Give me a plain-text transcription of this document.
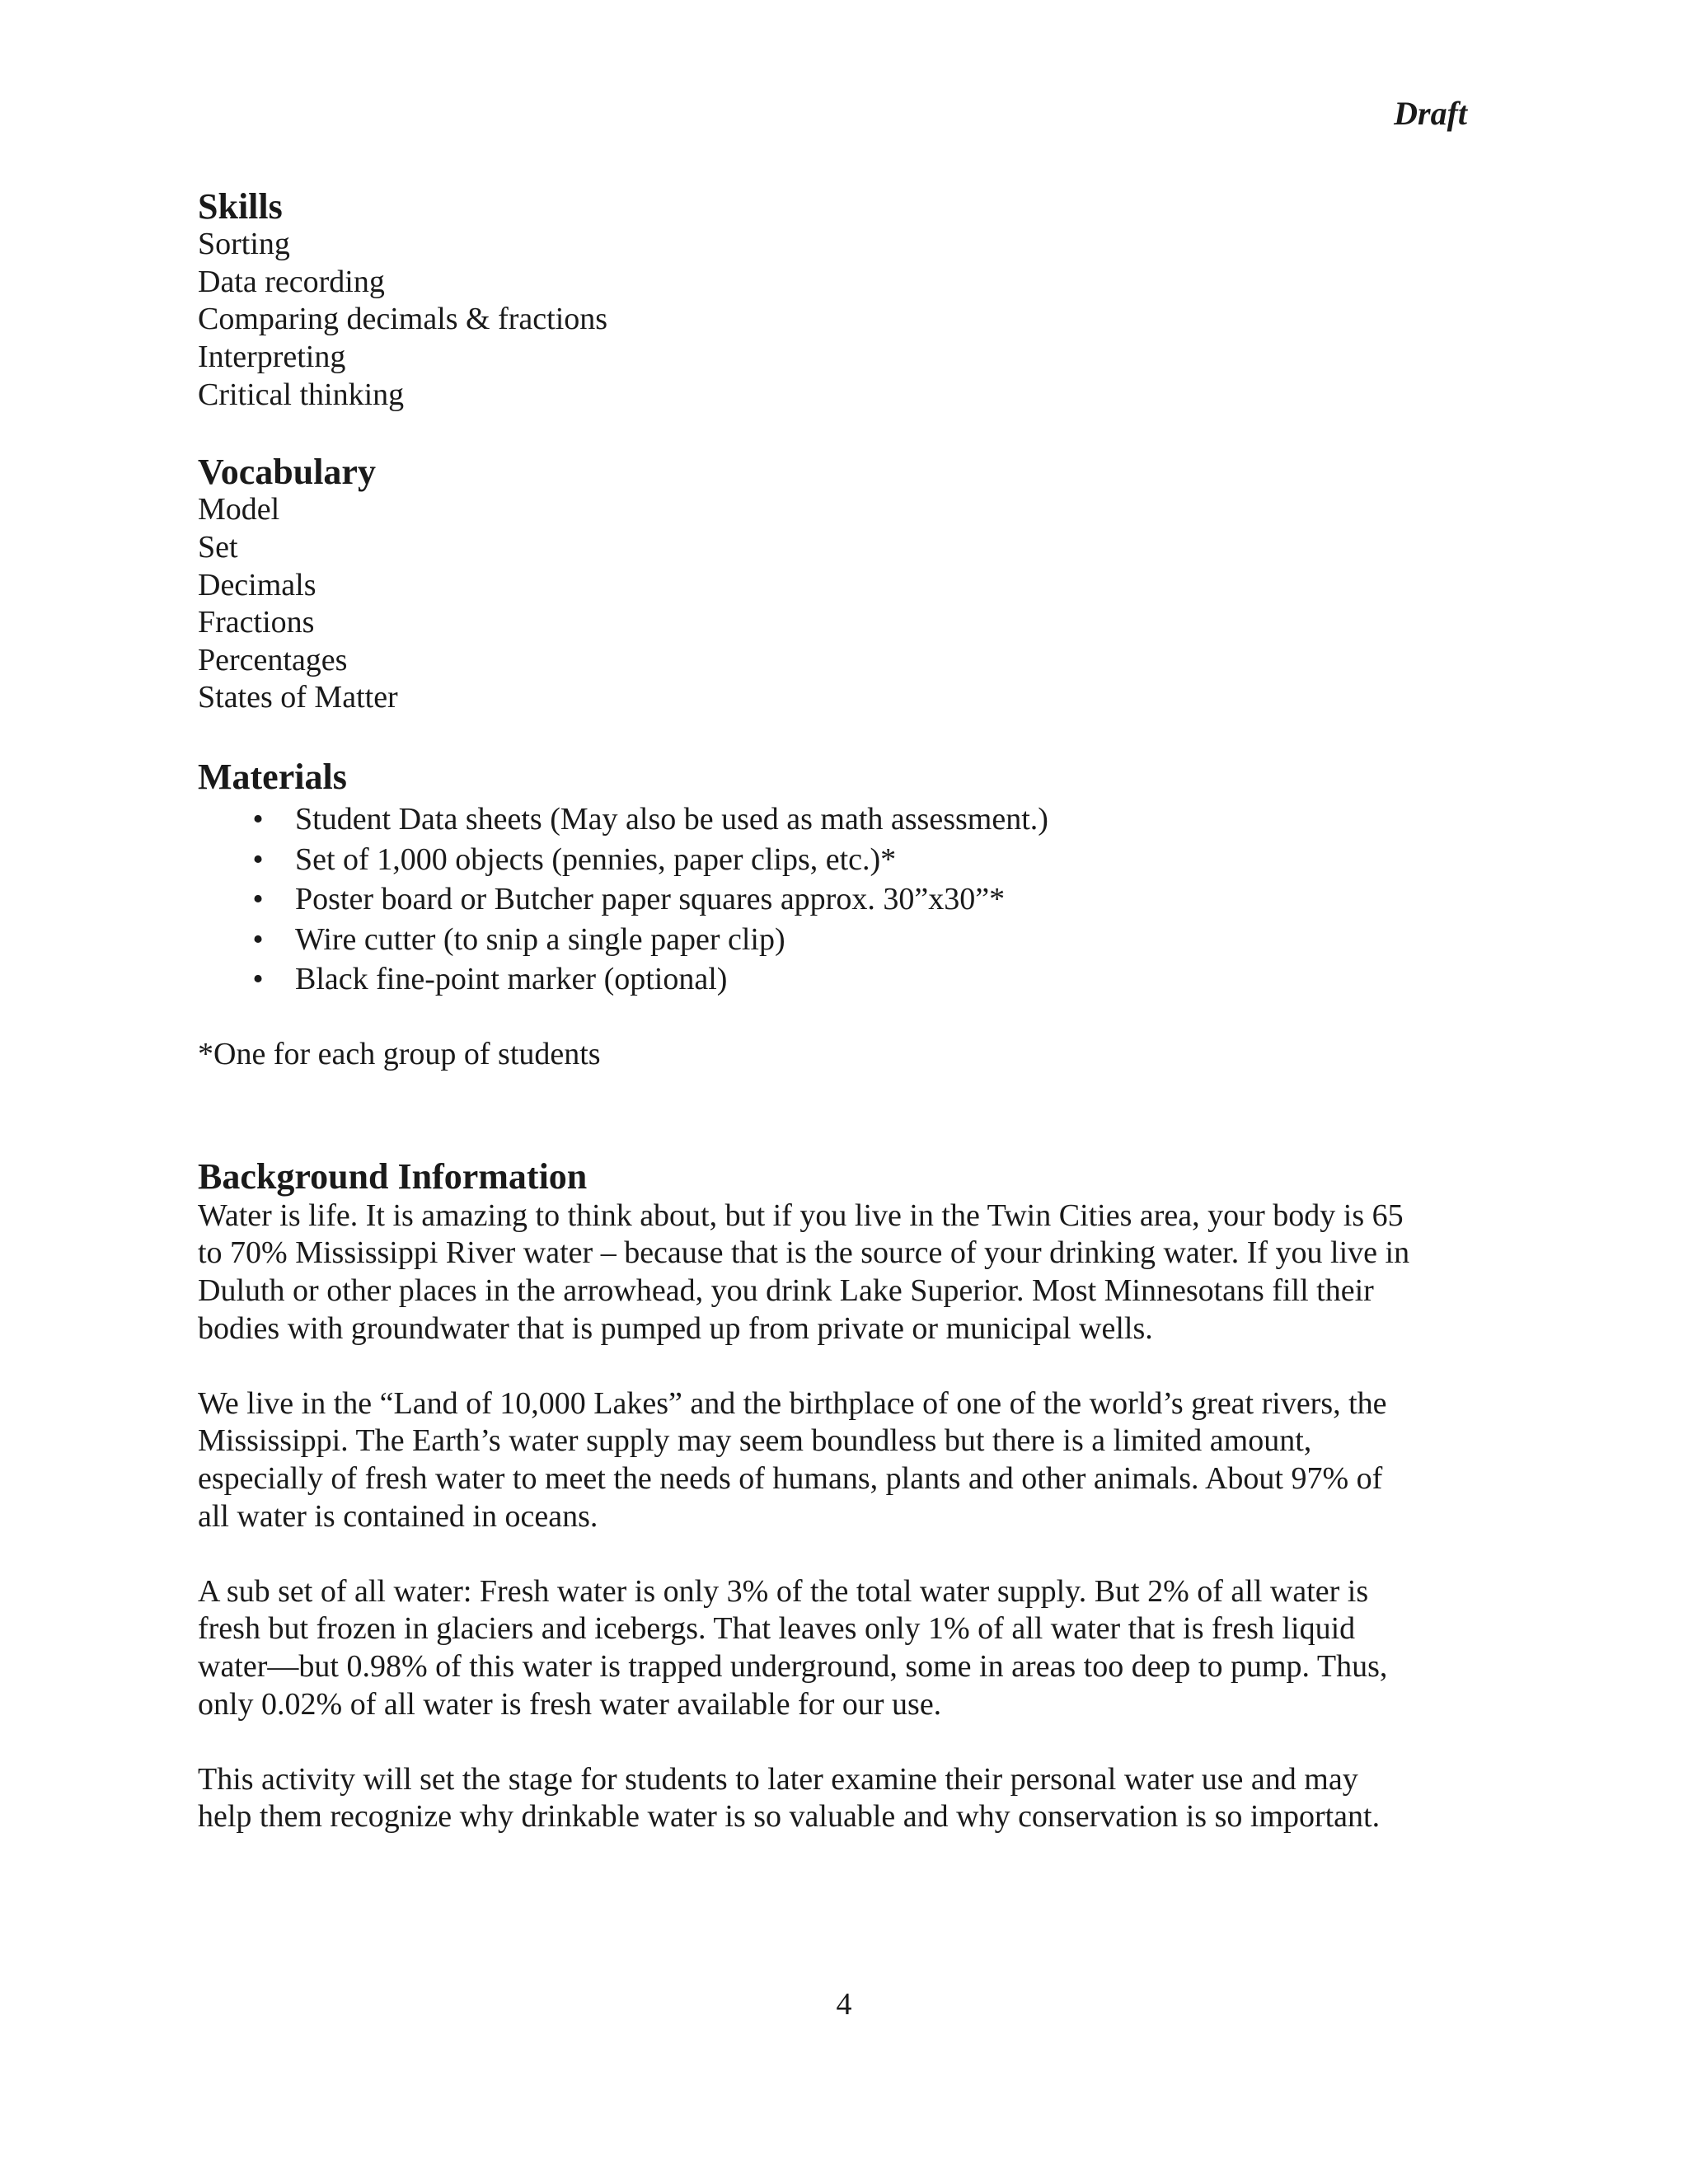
Draft
Skills
Sorting
Data recording
Comparing decimals & fractions
Interpreting
Critical thinking
Vocabulary
Model
Set
Decimals
Fractions
Percentages
States of Matter
Materials
• Student Data sheets (May also be used as math assessment.)
• Set of 1,000 objects (pennies, paper clips, etc.)*
• Poster board or Butcher paper squares approx. 30”x30”*
• Wire cutter (to snip a single paper clip)
• Black fine-point marker (optional)
*One for each group of students
Background Information

Water is life. It is amazing to think about, but if you live in the Twin Cities area, your body is 65
to 70% Mississippi River water – because that is the source of your drinking water. If you live in
Duluth or other places in the arrowhead, you drink Lake Superior. Most Minnesotans fill their
bodies with groundwater that is pumped up from private or municipal wells.

We live in the “Land of 10,000 Lakes” and the birthplace of one of the world’s great rivers, the
Mississippi. The Earth’s water supply may seem boundless but there is a limited amount,
especially of fresh water to meet the needs of humans, plants and other animals. About 97% of
all water is contained in oceans.

A sub set of all water: Fresh water is only 3% of the total water supply. But 2% of all water is
fresh but frozen in glaciers and icebergs. That leaves only 1% of all water that is fresh liquid
water—but 0.98% of this water is trapped underground, some in areas too deep to pump. Thus,
only 0.02% of all water is fresh water available for our use.

This activity will set the stage for students to later examine their personal water use and may
help them recognize why drinkable water is so valuable and why conservation is so important.

4
